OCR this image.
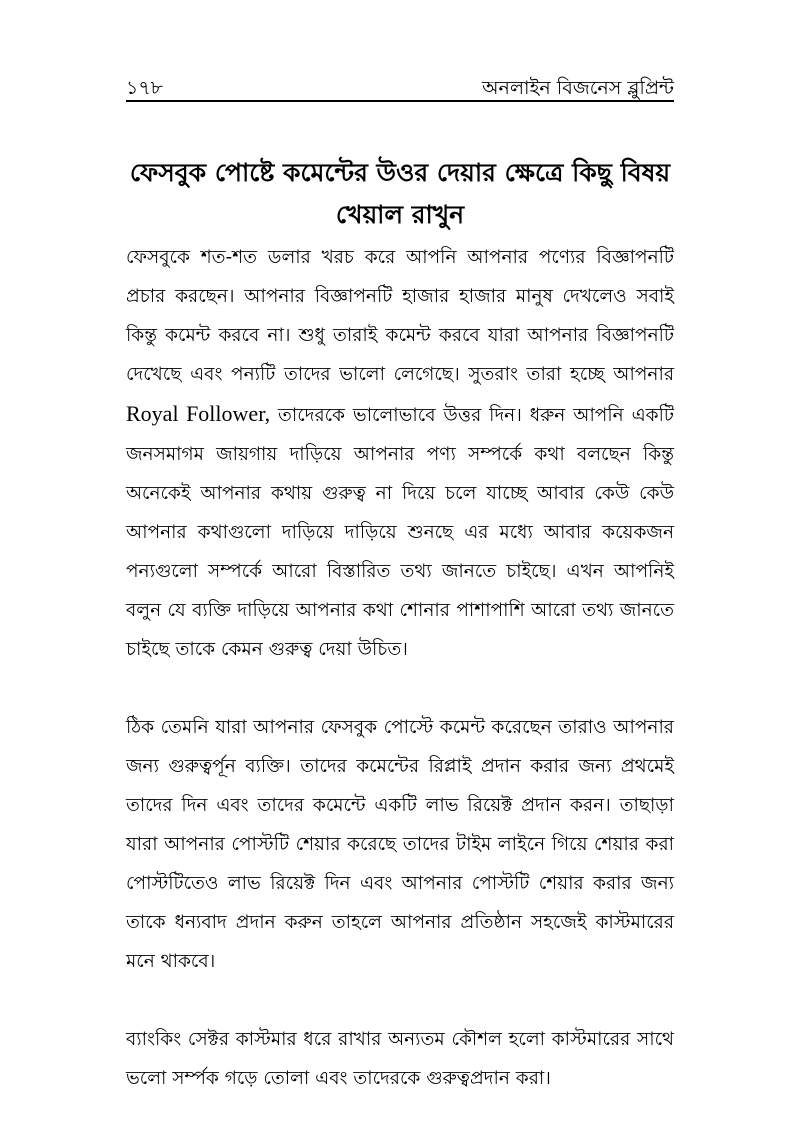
১৭৮	অনলাইন বিজনেস ব্লুপ্রিন্ট
ফেসবুক পোষ্টে কমেন্টের উওর দেয়ার ক্ষেত্রে কিছু বিষয়
খেয়াল রাখুন

ফেসবুকে শত-শত ডলার খরচ করে আপনি আপনার পণ্যের বিজ্ঞাপনটি প্রচার করছেন। আপনার বিজ্ঞাপনটি হাজার হাজার মানুষ দেখলেও সবাই কিন্তু কমেন্ট করবে না। শুধু তারাই কমেন্ট করবে যারা আপনার বিজ্ঞাপনটি দেখেছে এবং পন্যটি তাদের ভালো লেগেছে। সুতরাং তারা হচ্ছে আপনার Royal Follower, তাদেরকে ভালোভাবে উত্তর দিন। ধরুন আপনি একটি জনসমাগম জায়গায় দাড়িয়ে আপনার পণ্য সম্পর্কে কথা বলছেন কিন্তু অনেকেই আপনার কথায় গুরুত্ব না দিয়ে চলে যাচ্ছে আবার কেউ কেউ আপনার কথাগুলো দাড়িয়ে দাড়িয়ে শুনছে এর মধ্যে আবার কয়েকজন পন্যগুলো সম্পর্কে আরো বিস্তারিত তথ্য জানতে চাইছে। এখন আপনিই বলুন যে ব্যক্তি দাড়িয়ে আপনার কথা শোনার পাশাপাশি আরো তথ্য জানতে চাইছে তাকে কেমন গুরুত্ব দেয়া উচিত।

ঠিক তেমনি যারা আপনার ফেসবুক পোস্টে কমেন্ট করেছেন তারাও আপনার জন্য গুরুত্বর্পূন ব্যক্তি। তাদের কমেন্টের রিপ্লাই প্রদান করার জন্য প্রথমেই তাদের দিন এবং তাদের কমেন্টে একটি লাভ রিয়েক্ট প্রদান করন। তাছাড়া যারা আপনার পোস্টটি শেয়ার করেছে তাদের টাইম লাইনে গিয়ে শেয়ার করা পোস্টটিতেও লাভ রিয়েক্ট দিন এবং আপনার পোস্টটি শেয়ার করার জন্য তাকে ধন্যবাদ প্রদান করুন তাহলে আপনার প্রতিষ্ঠান সহজেই কাস্টমারের মনে থাকবে।

ব্যাংকিং সেক্টর কাস্টমার ধরে রাখার অন্যতম কৌশল হলো কাস্টমারের সাথে ভলো সর্ম্পক গড়ে তোলা এবং তাদেরকে গুরুত্বপ্রদান করা।
